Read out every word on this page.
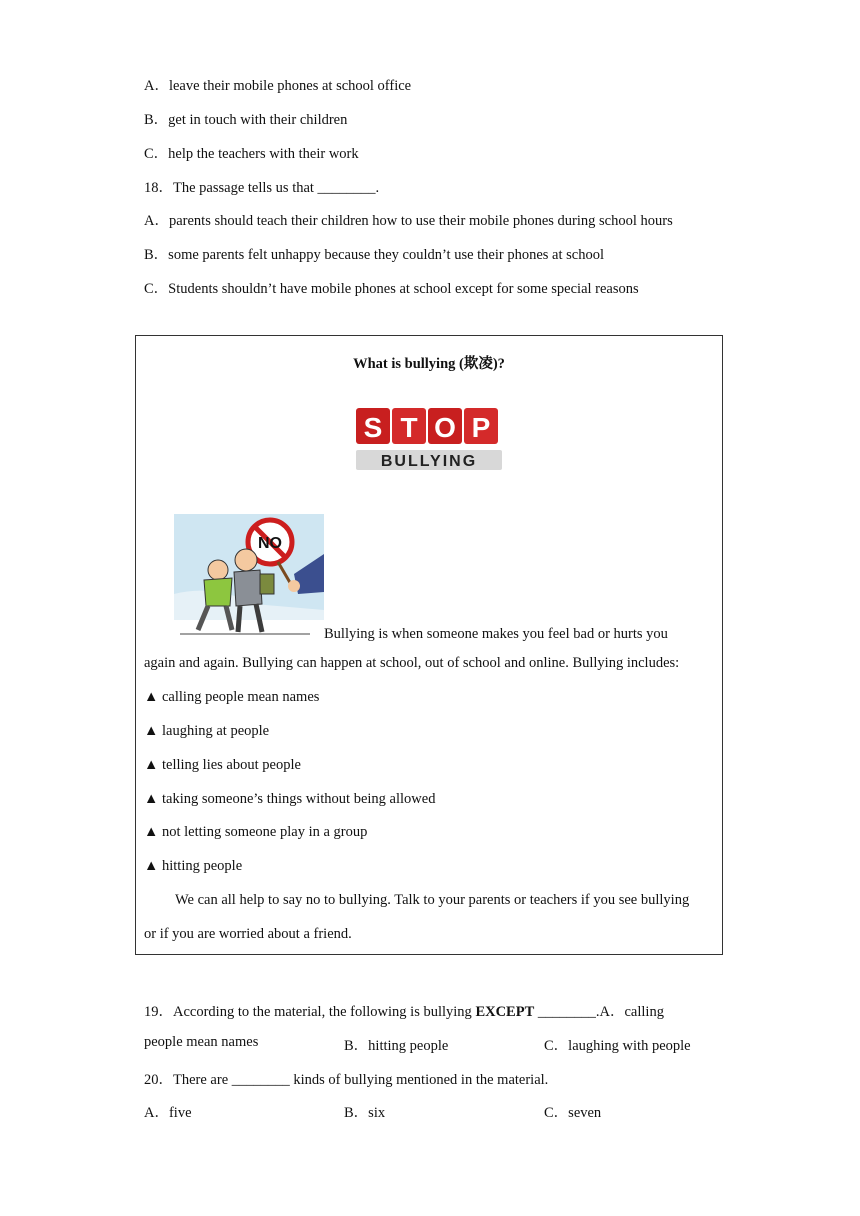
A．leave their mobile phones at school office
B．get in touch with their children
C．help the teachers with their work
18．The passage tells us that ________.
A．parents should teach their children how to use their mobile phones during school hours
B．some parents felt unhappy because they couldn’t use their phones at school
C．Students shouldn’t have mobile phones at school except for some special reasons
What is bullying (欺凌)?
S T O P
BULLYING
NO
Bullying is when someone makes you feel bad or hurts you
again and again. Bullying can happen at school, out of school and online. Bullying includes:
▲ calling people mean names
▲ laughing at people
▲ telling lies about people
▲ taking someone’s things without being allowed
▲ not letting someone play in a group
▲ hitting people
We can all help to say no to bullying. Talk to your parents or teachers if you see bullying
or if you are worried about a friend.
19．According to the material, the following is bullying EXCEPT ________.A．calling
people mean names	B．hitting people	C．laughing with people
20．There are ________ kinds of bullying mentioned in the material.
A．five	B．six	C．seven
